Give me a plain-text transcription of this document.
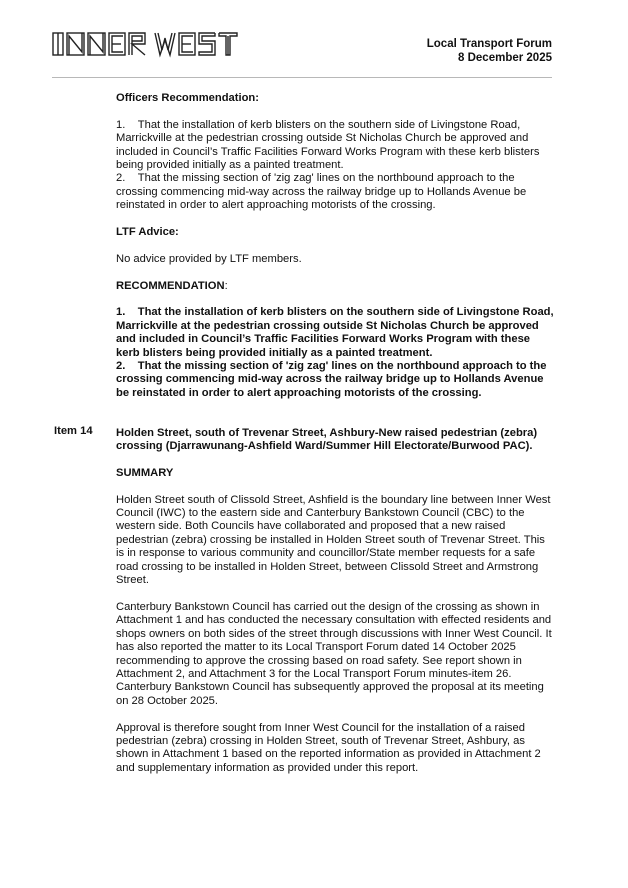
Local Transport Forum
8 December 2025

Officers Recommendation:

1.    That the installation of kerb blisters on the southern side of Livingstone Road, Marrickville at the pedestrian crossing outside St Nicholas Church be approved and included in Council’s Traffic Facilities Forward Works Program with these kerb blisters being provided initially as a painted treatment.

2.    That the missing section of 'zig zag' lines on the northbound approach to the crossing commencing mid-way across the railway bridge up to Hollands Avenue be reinstated in order to alert approaching motorists of the crossing.

LTF Advice:

No advice provided by LTF members.

RECOMMENDATION:

1.    That the installation of kerb blisters on the southern side of Livingstone Road, Marrickville at the pedestrian crossing outside St Nicholas Church be approved and included in Council’s Traffic Facilities Forward Works Program with these kerb blisters being provided initially as a painted treatment.

2.    That the missing section of 'zig zag' lines on the northbound approach to the crossing commencing mid-way across the railway bridge up to Hollands Avenue be reinstated in order to alert approaching motorists of the crossing.

Holden Street, south of Trevenar Street, Ashbury-New raised pedestrian (zebra) crossing (Djarrawunang-Ashfield Ward/Summer Hill Electorate/Burwood PAC).

SUMMARY

Holden Street south of Clissold Street, Ashfield is the boundary line between Inner West Council (IWC) to the eastern side and Canterbury Bankstown Council (CBC) to the western side. Both Councils have collaborated and proposed that a new raised pedestrian (zebra) crossing be installed in Holden Street south of Trevenar Street. This is in response to various community and councillor/State member requests for a safe road crossing to be installed in Holden Street, between Clissold Street and Armstrong Street.

Canterbury Bankstown Council has carried out the design of the crossing as shown in Attachment 1 and has conducted the necessary consultation with effected residents and shops owners on both sides of the street through discussions with Inner West Council. It has also reported the matter to its Local Transport Forum dated 14 October 2025 recommending to approve the crossing based on road safety. See report shown in Attachment 2, and Attachment 3 for the Local Transport Forum minutes-item 26. Canterbury Bankstown Council has subsequently approved the proposal at its meeting on 28 October 2025.

Approval is therefore sought from Inner West Council for the installation of a raised pedestrian (zebra) crossing in Holden Street, south of Trevenar Street, Ashbury, as shown in Attachment 1 based on the reported information as provided in Attachment 2 and supplementary information as provided under this report.

Item 14
